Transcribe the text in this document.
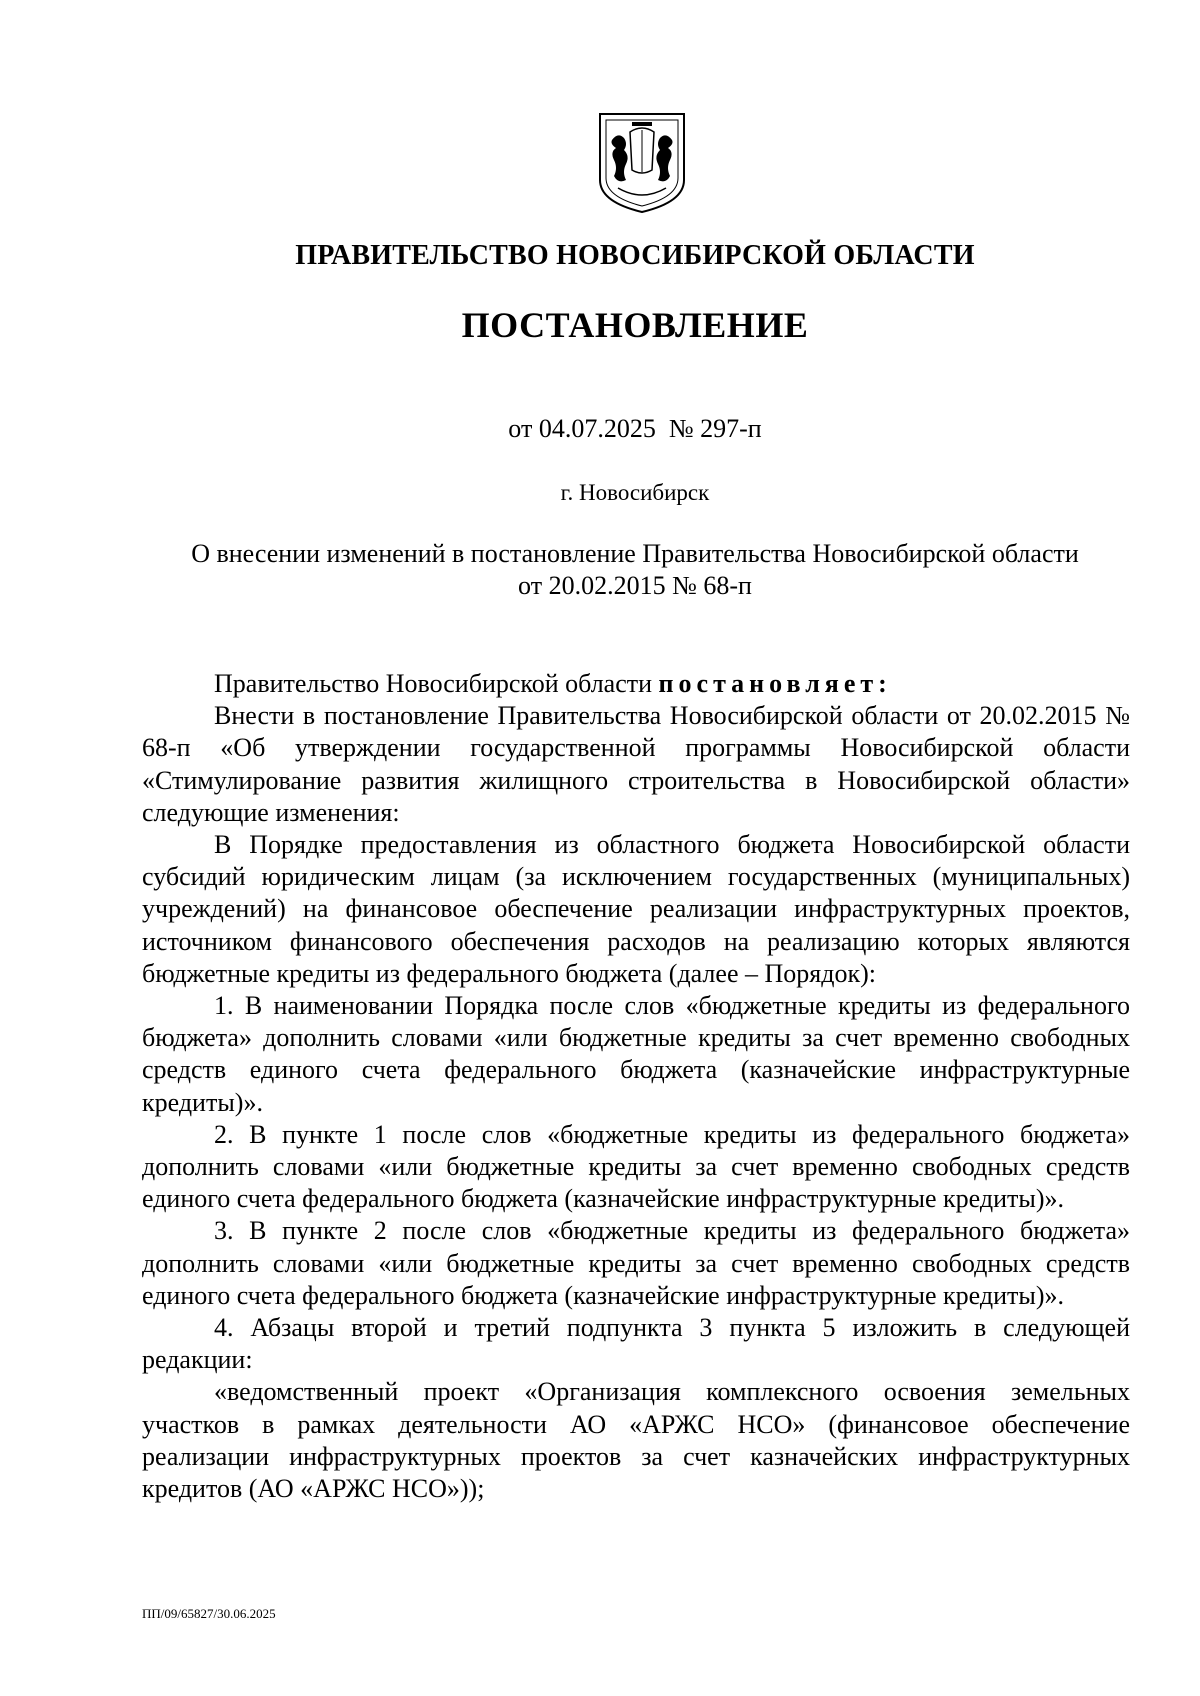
ПРАВИТЕЛЬСТВО НОВОСИБИРСКОЙ ОБЛАСТИ
ПОСТАНОВЛЕНИЕ
от 04.07.2025  № 297-п
г. Новосибирск
О внесении изменений в постановление Правительства Новосибирской области
от 20.02.2015 № 68-п

Правительство Новосибирской области постановляет:

Внести в постановление Правительства Новосибирской области от 20.02.2015 № 68-п «Об утверждении государственной программы Новосибирской области «Стимулирование развития жилищного строительства в Новосибирской области» следующие изменения:

В Порядке предоставления из областного бюджета Новосибирской области субсидий юридическим лицам (за исключением государственных (муниципальных) учреждений) на финансовое обеспечение реализации инфраструктурных проектов, источником финансового обеспечения расходов на реализацию которых являются бюджетные кредиты из федерального бюджета (далее – Порядок):

1. В наименовании Порядка после слов «бюджетные кредиты из федерального бюджета» дополнить словами «или бюджетные кредиты за счет временно свободных средств единого счета федерального бюджета (казначейские инфраструктурные кредиты)».

2. В пункте 1 после слов «бюджетные кредиты из федерального бюджета» дополнить словами «или бюджетные кредиты за счет временно свободных средств единого счета федерального бюджета (казначейские инфраструктурные кредиты)».

3. В пункте 2 после слов «бюджетные кредиты из федерального бюджета» дополнить словами «или бюджетные кредиты за счет временно свободных средств единого счета федерального бюджета (казначейские инфраструктурные кредиты)».

4. Абзацы второй и третий подпункта 3 пункта 5 изложить в следующей редакции:

«ведомственный проект «Организация комплексного освоения земельных участков в рамках деятельности АО «АРЖС НСО» (финансовое обеспечение реализации инфраструктурных проектов за счет казначейских инфраструктурных кредитов (АО «АРЖС НСО»));

ПП/09/65827/30.06.2025
